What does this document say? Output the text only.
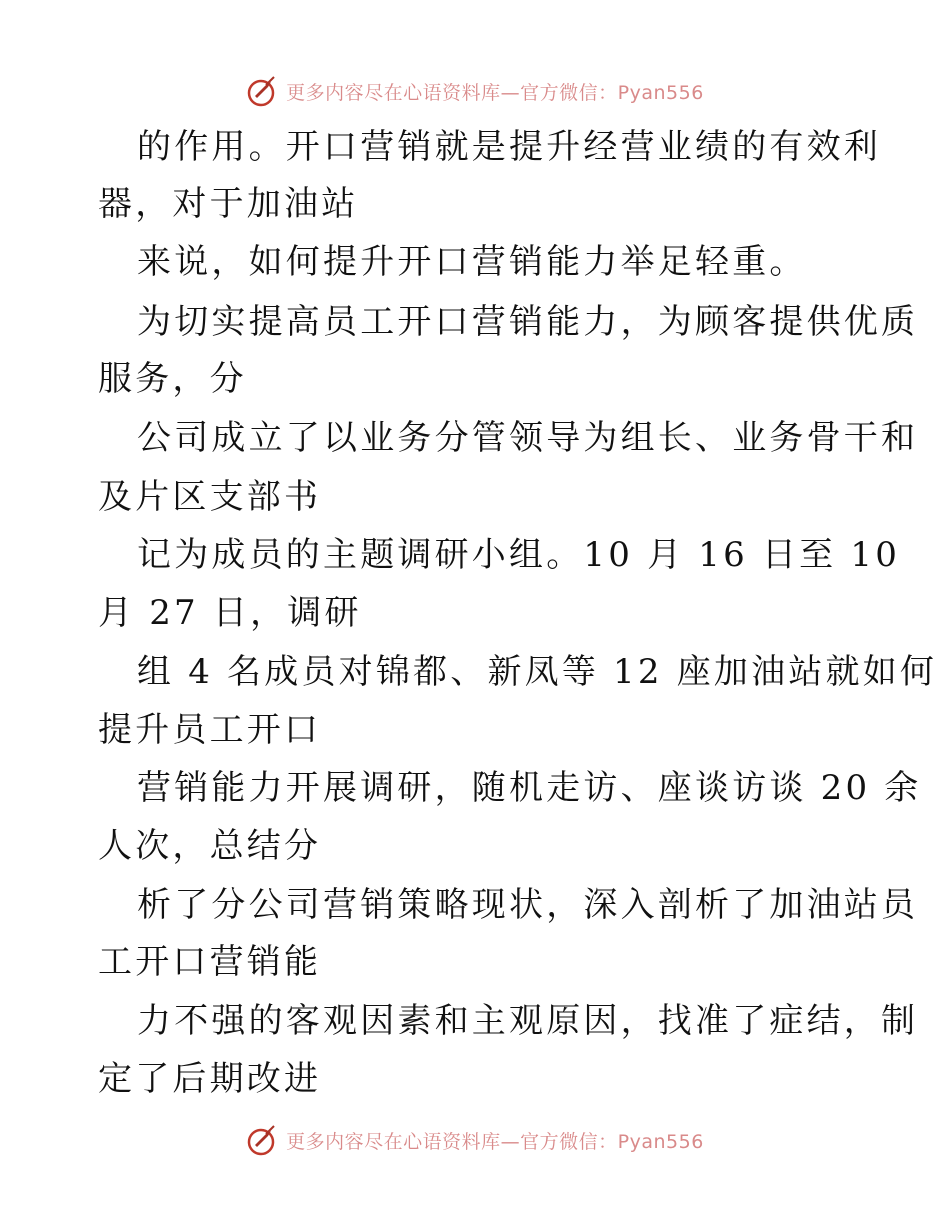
更多内容尽在心语资料库—官方微信：Pyan556
的作用。开口营销就是提升经营业绩的有效利
器，对于加油站
来说，如何提升开口营销能力举足轻重。
为切实提高员工开口营销能力，为顾客提供优质
服务，分
公司成立了以业务分管领导为组长、业务骨干和
及片区支部书
记为成员的主题调研小组。10 月 16 日至 10
月 27 日，调研
组 4 名成员对锦都、新凤等 12 座加油站就如何
提升员工开口
营销能力开展调研，随机走访、座谈访谈 20 余
人次，总结分
析了分公司营销策略现状，深入剖析了加油站员
工开口营销能
力不强的客观因素和主观原因，找准了症结，制
定了后期改进
更多内容尽在心语资料库—官方微信：Pyan556
